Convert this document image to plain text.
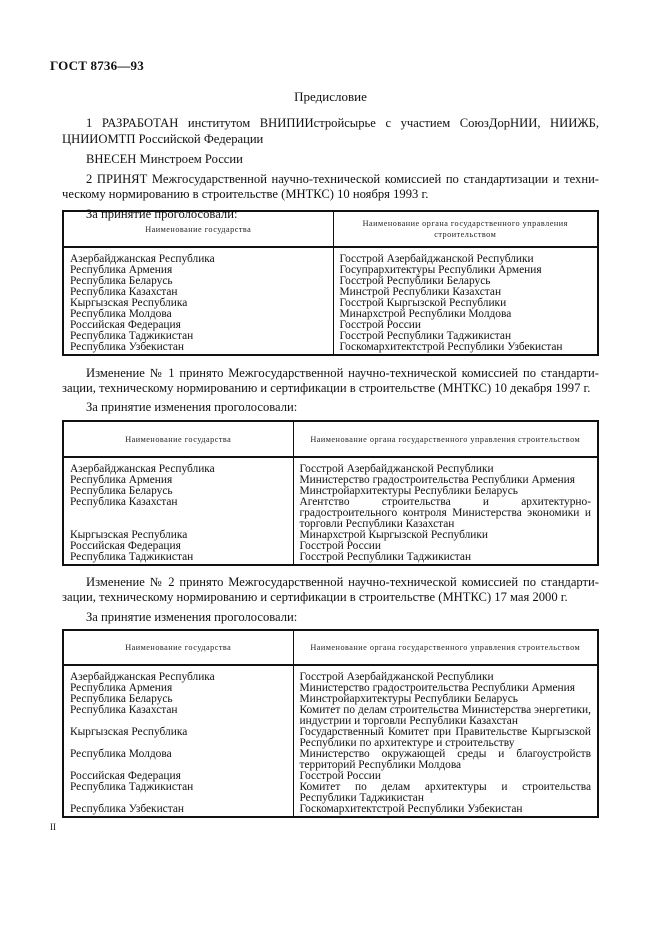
ГОСТ 8736—93
Предисловие
1 РАЗРАБОТАН институтом ВНИПИИстройсырье с участием СоюзДорНИИ, НИИЖБ,
ЦНИИОМТП Российской Федерации
ВНЕСЕН Минстроем России
2 ПРИНЯТ Межгосударственной научно-технической комиссией по стандартизации и техни-
ческому нормированию в строительстве (МНТКС) 10 ноября 1993 г.
За принятие проголосовали:
Наименование государства	Наименование органа государственного управления строительством
Азербайджанская Республика	Госстрой Азербайджанской Республики
Республика Армения	Госупрархитектуры Республики Армения
Республика Беларусь	Госстрой Республики Беларусь
Республика Казахстан	Минстрой Республики Казахстан
Кыргызская Республика	Госстрой Кыргызской Республики
Республика Молдова	Минархстрой Республики Молдова
Российская Федерация	Госстрой России
Республика Таджикистан	Госстрой Республики Таджикистан
Республика Узбекистан	Госкомархитектстрой Республики Узбекистан
Изменение № 1 принято Межгосударственной научно-технической комиссией по стандарти-
зации, техническому нормированию и сертификации в строительстве (МНТКС) 10 декабря 1997 г.
За принятие изменения проголосовали:
Наименование государства	Наименование органа государственного управления строительством
Азербайджанская Республика	Госстрой Азербайджанской Республики
Республика Армения	Министерство градостроительства Республики Армения
Республика Беларусь	Минстройархитектуры Республики Беларусь
Республика Казахстан	Агентство строительства и архитектурно-градостроительного контроля Министерства экономики и торговли Республики Казахстан
Кыргызская Республика	Минархстрой Кыргызской Республики
Российская Федерация	Госстрой России
Республика Таджикистан	Госстрой Республики Таджикистан
Изменение № 2 принято Межгосударственной научно-технической комиссией по стандарти-
зации, техническому нормированию и сертификации в строительстве (МНТКС) 17 мая 2000 г.
За принятие изменения проголосовали:
Наименование государства	Наименование органа государственного управления строительством
Азербайджанская Республика	Госстрой Азербайджанской Республики
Республика Армения	Министерство градостроительства Республики Армения
Республика Беларусь	Минстройархитектуры Республики Беларусь
Республика Казахстан	Комитет по делам строительства Министерства энергетики, индустрии и торговли Республики Казахстан
Кыргызская Республика	Государственный Комитет при Правительстве Кыргызской Республики по архитектуре и строительству
Республика Молдова	Министерство окружающей среды и благоустройств территорий Республики Молдова
Российская Федерация	Госстрой России
Республика Таджикистан	Комитет по делам архитектуры и строительства Республики Таджикистан
Республика Узбекистан	Госкомархитектстрой Республики Узбекистан
II
